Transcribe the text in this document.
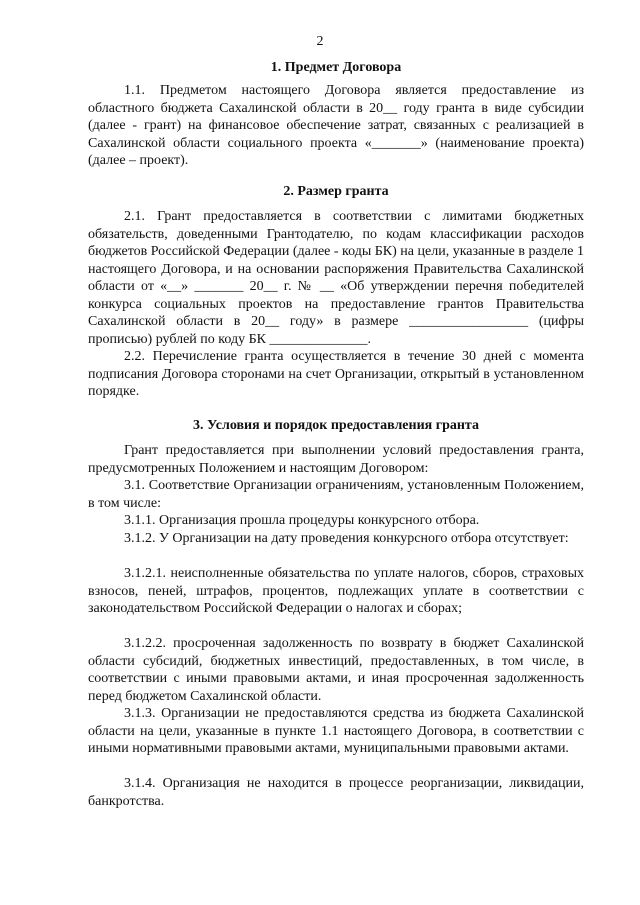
2
1. Предмет Договора

1.1. Предметом настоящего Договора является предоставление из областного бюджета Сахалинской области в 20__ году гранта в виде субсидии (далее - грант) на финансовое обеспечение затрат, связанных с реализацией в Сахалинской области социального проекта «_______» (наименование проекта) (далее – проект).

2. Размер гранта

2.1. Грант предоставляется в соответствии с лимитами бюджетных обязательств, доведенными Грантодателю, по кодам классификации расходов бюджетов Российской Федерации (далее - коды БК) на цели, указанные в разделе 1 настоящего Договора, и на основании распоряжения Правительства Сахалинской области от «__» _______ 20__ г. № __ «Об утверждении перечня победителей конкурса социальных проектов на предоставление грантов Правительства Сахалинской области в 20__ году» в размере _________________ (цифры прописью) рублей по коду БК ______________.

2.2. Перечисление гранта осуществляется в течение 30 дней с момента подписания Договора сторонами на счет Организации, открытый в установленном порядке.

3. Условия и порядок предоставления гранта

Грант предоставляется при выполнении условий предоставления гранта, предусмотренных Положением и настоящим Договором:

3.1. Соответствие Организации ограничениям, установленным Положением, в том числе:

3.1.1. Организация прошла процедуры конкурсного отбора.

3.1.2. У Организации на дату проведения конкурсного отбора отсутствует:

3.1.2.1. неисполненные обязательства по уплате налогов, сборов, страховых взносов, пеней, штрафов, процентов, подлежащих уплате в соответствии с законодательством Российской Федерации о налогах и сборах;

3.1.2.2. просроченная задолженность по возврату в бюджет Сахалинской области субсидий, бюджетных инвестиций, предоставленных, в том числе, в соответствии с иными правовыми актами, и иная просроченная задолженность перед бюджетом Сахалинской области.

3.1.3. Организации не предоставляются средства из бюджета Сахалинской области на цели, указанные в пункте 1.1 настоящего Договора, в соответствии с иными нормативными правовыми актами, муниципальными правовыми актами.

3.1.4. Организация не находится в процессе реорганизации, ликвидации, банкротства.
